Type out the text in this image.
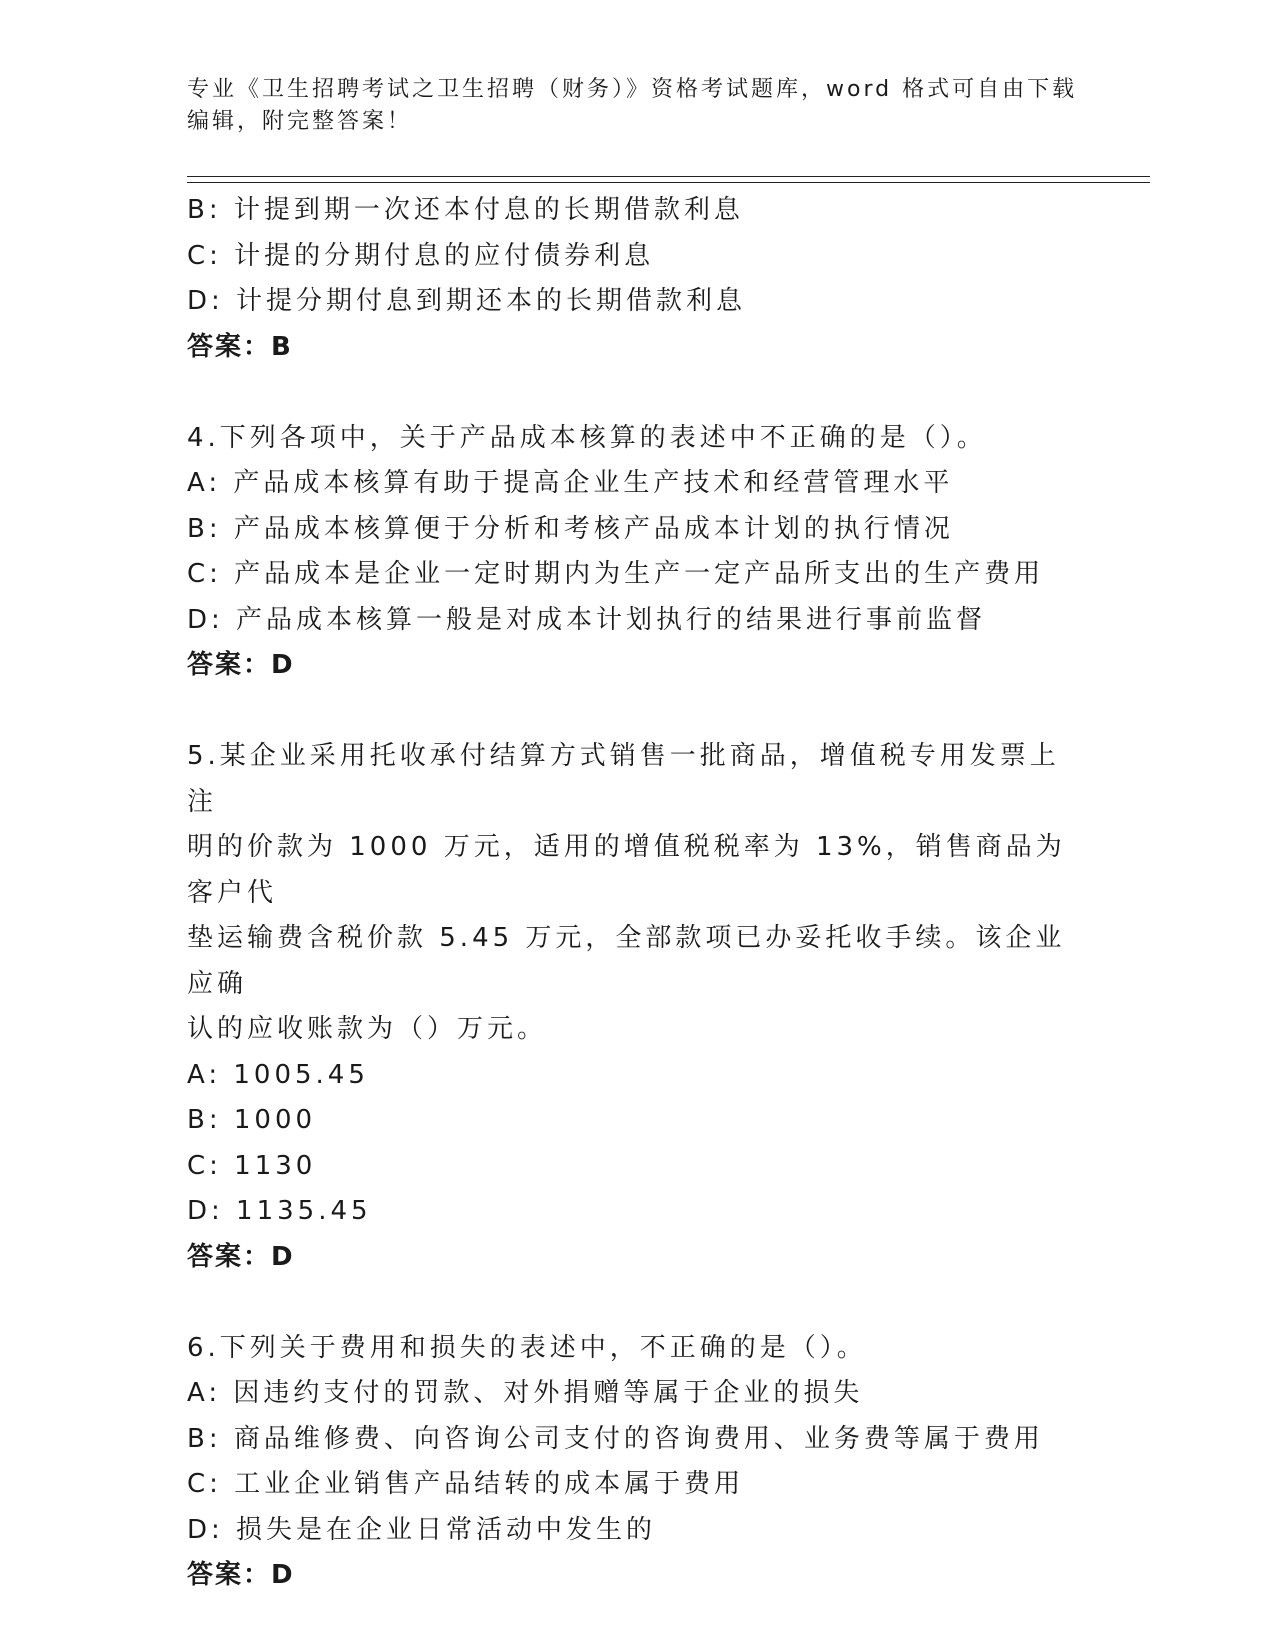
专业《卫生招聘考试之卫生招聘（财务）》资格考试题库，word 格式可自由下载
编辑，附完整答案！
B: 计提到期一次还本付息的长期借款利息
C: 计提的分期付息的应付债券利息
D: 计提分期付息到期还本的长期借款利息
答案：B
4.下列各项中，关于产品成本核算的表述中不正确的是（）。
A: 产品成本核算有助于提高企业生产技术和经营管理水平
B: 产品成本核算便于分析和考核产品成本计划的执行情况
C: 产品成本是企业一定时期内为生产一定产品所支出的生产费用
D: 产品成本核算一般是对成本计划执行的结果进行事前监督
答案：D
5.某企业采用托收承付结算方式销售一批商品，增值税专用发票上注
明的价款为 1000 万元，适用的增值税税率为 13%，销售商品为客户代
垫运输费含税价款 5.45 万元，全部款项已办妥托收手续。该企业应确
认的应收账款为（）万元。
A: 1005.45
B: 1000
C: 1130
D: 1135.45
答案：D
6.下列关于费用和损失的表述中，不正确的是（）。
A: 因违约支付的罚款、对外捐赠等属于企业的损失
B: 商品维修费、向咨询公司支付的咨询费用、业务费等属于费用
C: 工业企业销售产品结转的成本属于费用
D: 损失是在企业日常活动中发生的
答案：D
